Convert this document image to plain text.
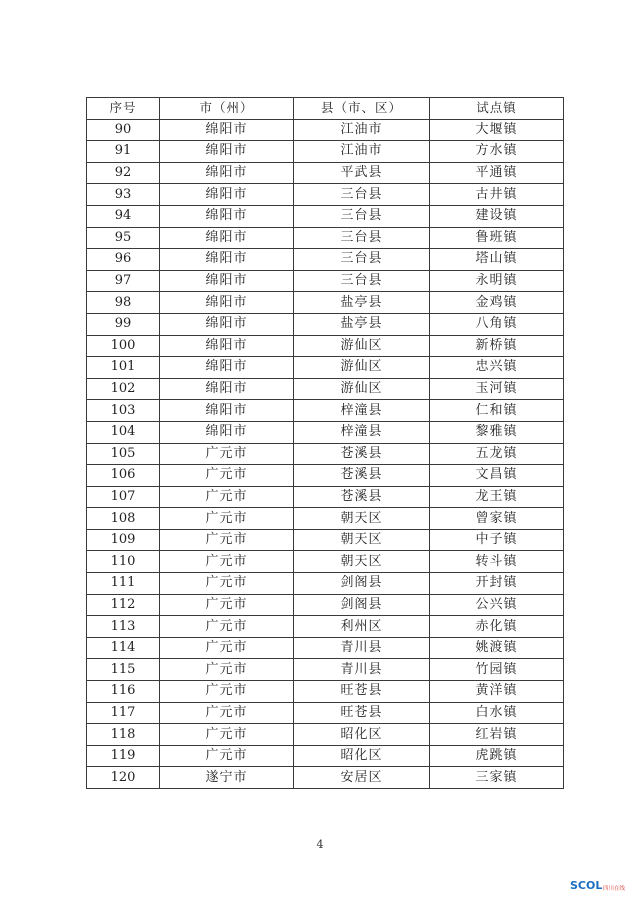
序号	市（州）	县（市、区）	试点镇
90	绵阳市	江油市	大堰镇
91	绵阳市	江油市	方水镇
92	绵阳市	平武县	平通镇
93	绵阳市	三台县	古井镇
94	绵阳市	三台县	建设镇
95	绵阳市	三台县	鲁班镇
96	绵阳市	三台县	塔山镇
97	绵阳市	三台县	永明镇
98	绵阳市	盐亭县	金鸡镇
99	绵阳市	盐亭县	八角镇
100	绵阳市	游仙区	新桥镇
101	绵阳市	游仙区	忠兴镇
102	绵阳市	游仙区	玉河镇
103	绵阳市	梓潼县	仁和镇
104	绵阳市	梓潼县	黎雅镇
105	广元市	苍溪县	五龙镇
106	广元市	苍溪县	文昌镇
107	广元市	苍溪县	龙王镇
108	广元市	朝天区	曾家镇
109	广元市	朝天区	中子镇
110	广元市	朝天区	转斗镇
111	广元市	剑阁县	开封镇
112	广元市	剑阁县	公兴镇
113	广元市	利州区	赤化镇
114	广元市	青川县	姚渡镇
115	广元市	青川县	竹园镇
116	广元市	旺苍县	黄洋镇
117	广元市	旺苍县	白水镇
118	广元市	昭化区	红岩镇
119	广元市	昭化区	虎跳镇
120	遂宁市	安居区	三家镇
4
SCOL 四川在线
